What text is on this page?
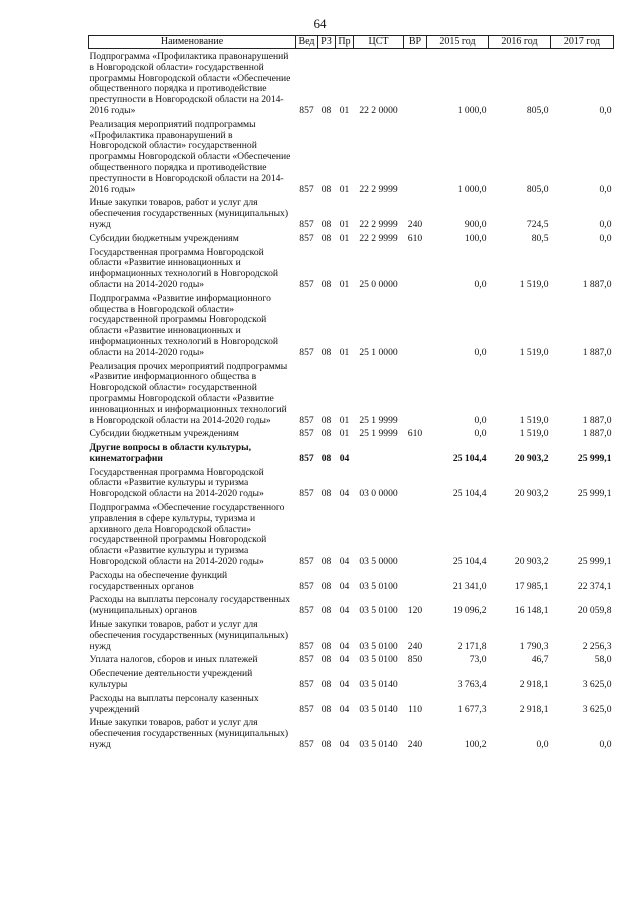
64
Наименование	Вед	РЗ	Пр	ЦСТ	ВР	2015 год	2016 год	2017 год
Подпрограмма «Профилактика правонарушений в Новгородской области» государственной программы Новгородской области «Обеспечение общественного порядка и противодействие преступности в Новгородской области на 2014-2016 годы»	857	08	01	22 2 0000		1 000,0	805,0	0,0
Реализация мероприятий подпрограммы «Профилактика правонарушений в Новгородской области» государственной программы Новгородской области «Обеспечение общественного порядка и противодействие преступности в Новгородской области на 2014-2016 годы»	857	08	01	22 2 9999		1 000,0	805,0	0,0
Иные закупки товаров, работ и услуг для обеспечения государственных (муниципальных) нужд	857	08	01	22 2 9999	240	900,0	724,5	0,0
Субсидии бюджетным учреждениям	857	08	01	22 2 9999	610	100,0	80,5	0,0
Государственная программа Новгородской области «Развитие инновационных и информационных технологий в Новгородской области на 2014-2020 годы»	857	08	01	25 0 0000		0,0	1 519,0	1 887,0
Подпрограмма «Развитие информационного общества в Новгородской области» государственной программы Новгородской области «Развитие инновационных и информационных технологий в Новгородской области на 2014-2020 годы»	857	08	01	25 1 0000		0,0	1 519,0	1 887,0
Реализация прочих мероприятий подпрограммы «Развитие информационного общества в Новгородской области» государственной программы Новгородской области «Развитие инновационных и информационных технологий в Новгородской области на 2014-2020 годы»	857	08	01	25 1 9999		0,0	1 519,0	1 887,0
Субсидии бюджетным учреждениям	857	08	01	25 1 9999	610	0,0	1 519,0	1 887,0
Другие вопросы в области культуры, кинематографии	857	08	04			25 104,4	20 903,2	25 999,1
Государственная программа Новгородской области «Развитие культуры и туризма Новгородской области на 2014-2020 годы»	857	08	04	03 0 0000		25 104,4	20 903,2	25 999,1
Подпрограмма «Обеспечение государственного управления в сфере культуры, туризма и архивного дела Новгородской области» государственной программы Новгородской области «Развитие культуры и туризма Новгородской области на 2014-2020 годы»	857	08	04	03 5 0000		25 104,4	20 903,2	25 999,1
Расходы на обеспечение функций государственных органов	857	08	04	03 5 0100		21 341,0	17 985,1	22 374,1
Расходы на выплаты персоналу государственных (муниципальных) органов	857	08	04	03 5 0100	120	19 096,2	16 148,1	20 059,8
Иные закупки товаров, работ и услуг для обеспечения государственных (муниципальных) нужд	857	08	04	03 5 0100	240	2 171,8	1 790,3	2 256,3
Уплата налогов, сборов и иных платежей	857	08	04	03 5 0100	850	73,0	46,7	58,0
Обеспечение деятельности учреждений культуры	857	08	04	03 5 0140		3 763,4	2 918,1	3 625,0
Расходы на выплаты персоналу казенных учреждений	857	08	04	03 5 0140	110	1 677,3	2 918,1	3 625,0
Иные закупки товаров, работ и услуг для обеспечения государственных (муниципальных) нужд	857	08	04	03 5 0140	240	100,2	0,0	0,0
